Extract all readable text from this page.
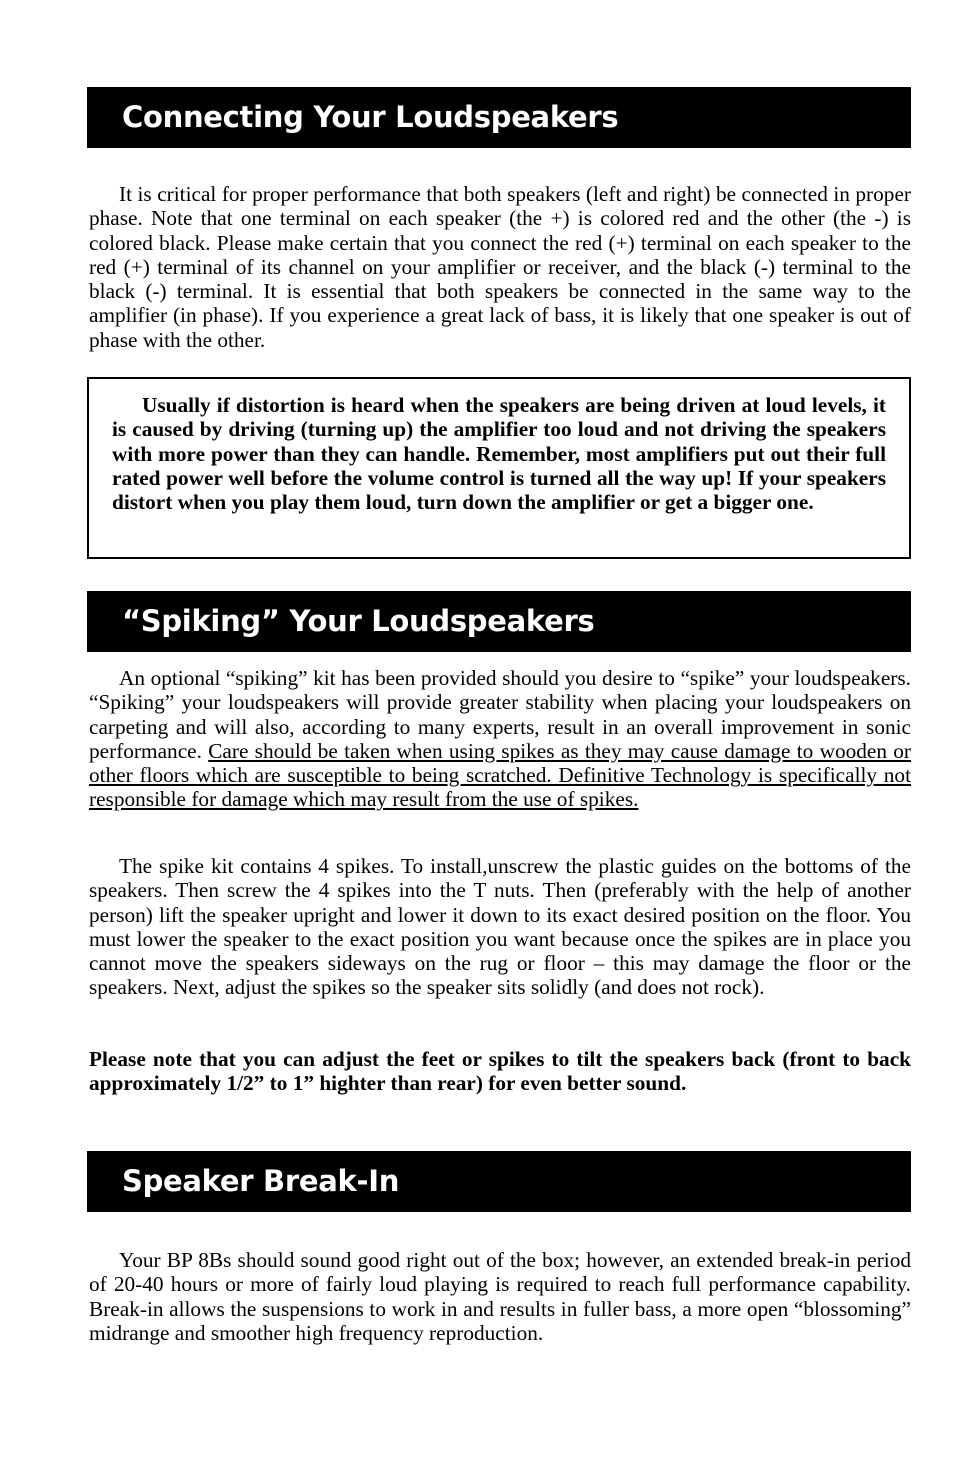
Connecting Your Loudspeakers

It is critical for proper performance that both speakers (left and right) be connected in proper phase. Note that one terminal on each speaker (the +) is colored red and the other (the -) is colored black. Please make certain that you connect the red (+) terminal on each speaker to the red (+) terminal of its channel on your amplifier or receiver, and the black (-) terminal to the black (-) terminal. It is essential that both speakers be connected in the same way to the amplifier (in phase). If you experience a great lack of bass, it is likely that one speaker is out of phase with the other.

Usually if distortion is heard when the speakers are being driven at loud levels, it is caused by driving (turning up) the amplifier too loud and not driving the speakers with more power than they can handle. Remember, most amplifiers put out their full rated power well before the volume control is turned all the way up! If your speakers distort when you play them loud, turn down the amplifier or get a bigger one.

“Spiking” Your Loudspeakers

An optional “spiking” kit has been provided should you desire to “spike” your loudspeakers. “Spiking” your loudspeakers will provide greater stability when placing your loudspeakers on carpeting and will also, according to many experts, result in an overall improvement in sonic performance. Care should be taken when using spikes as they may cause damage to wooden or other floors which are susceptible to being scratched. Definitive Technology is specifically not responsible for damage which may result from the use of spikes.

The spike kit contains 4 spikes. To install,unscrew the plastic guides on the bottoms of the speakers. Then screw the 4 spikes into the T nuts. Then (preferably with the help of another person) lift the speaker upright and lower it down to its exact desired position on the floor. You must lower the speaker to the exact position you want because once the spikes are in place you cannot move the speakers sideways on the rug or floor – this may damage the floor or the speakers. Next, adjust the spikes so the speaker sits solidly (and does not rock).

Please note that you can adjust the feet or spikes to tilt the speakers back (front to back approximately 1/2” to 1” highter than rear) for even better sound.

Speaker Break-In

Your BP 8Bs should sound good right out of the box; however, an extended break-in period of 20-40 hours or more of fairly loud playing is required to reach full performance capability. Break-in allows the suspensions to work in and results in fuller bass, a more open “blossoming” midrange and smoother high frequency reproduction.
